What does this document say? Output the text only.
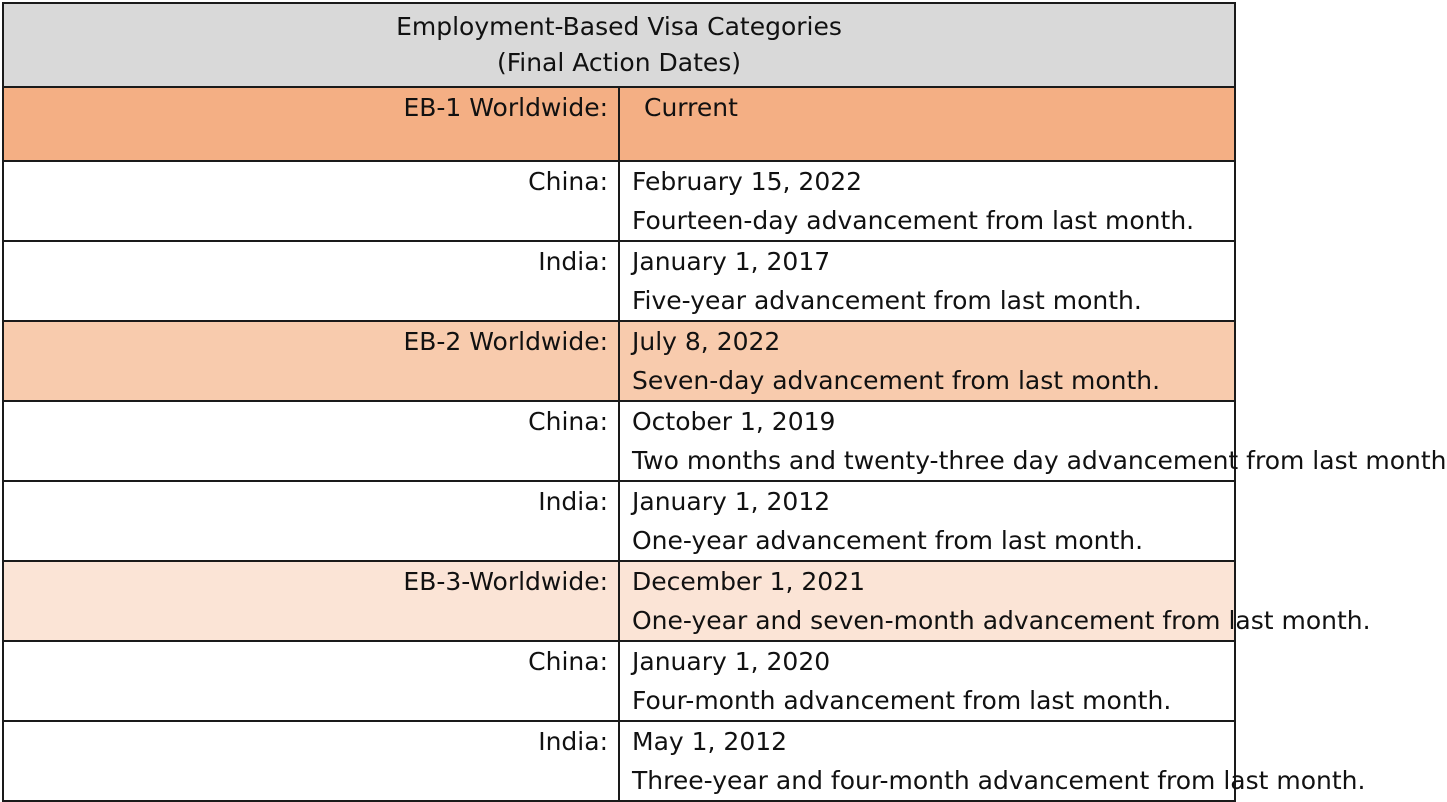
Employment-Based Visa Categories
(Final Action Dates)	

EB-1 Worldwide:	Current

China:	February 15, 2022
Fourteen-day advancement from last month.

India:	January 1, 2017
Five-year advancement from last month.

EB-2 Worldwide:	July 8, 2022
Seven-day advancement from last month.

China:	October 1, 2019
Two months and twenty-three day advancement from last month

India:	January 1, 2012
One-year advancement from last month.

EB-3-Worldwide:	December 1, 2021
One-year and seven-month advancement from last month.

China:	January 1, 2020
Four-month advancement from last month.

India:	May 1, 2012
Three-year and four-month advancement from last month.
